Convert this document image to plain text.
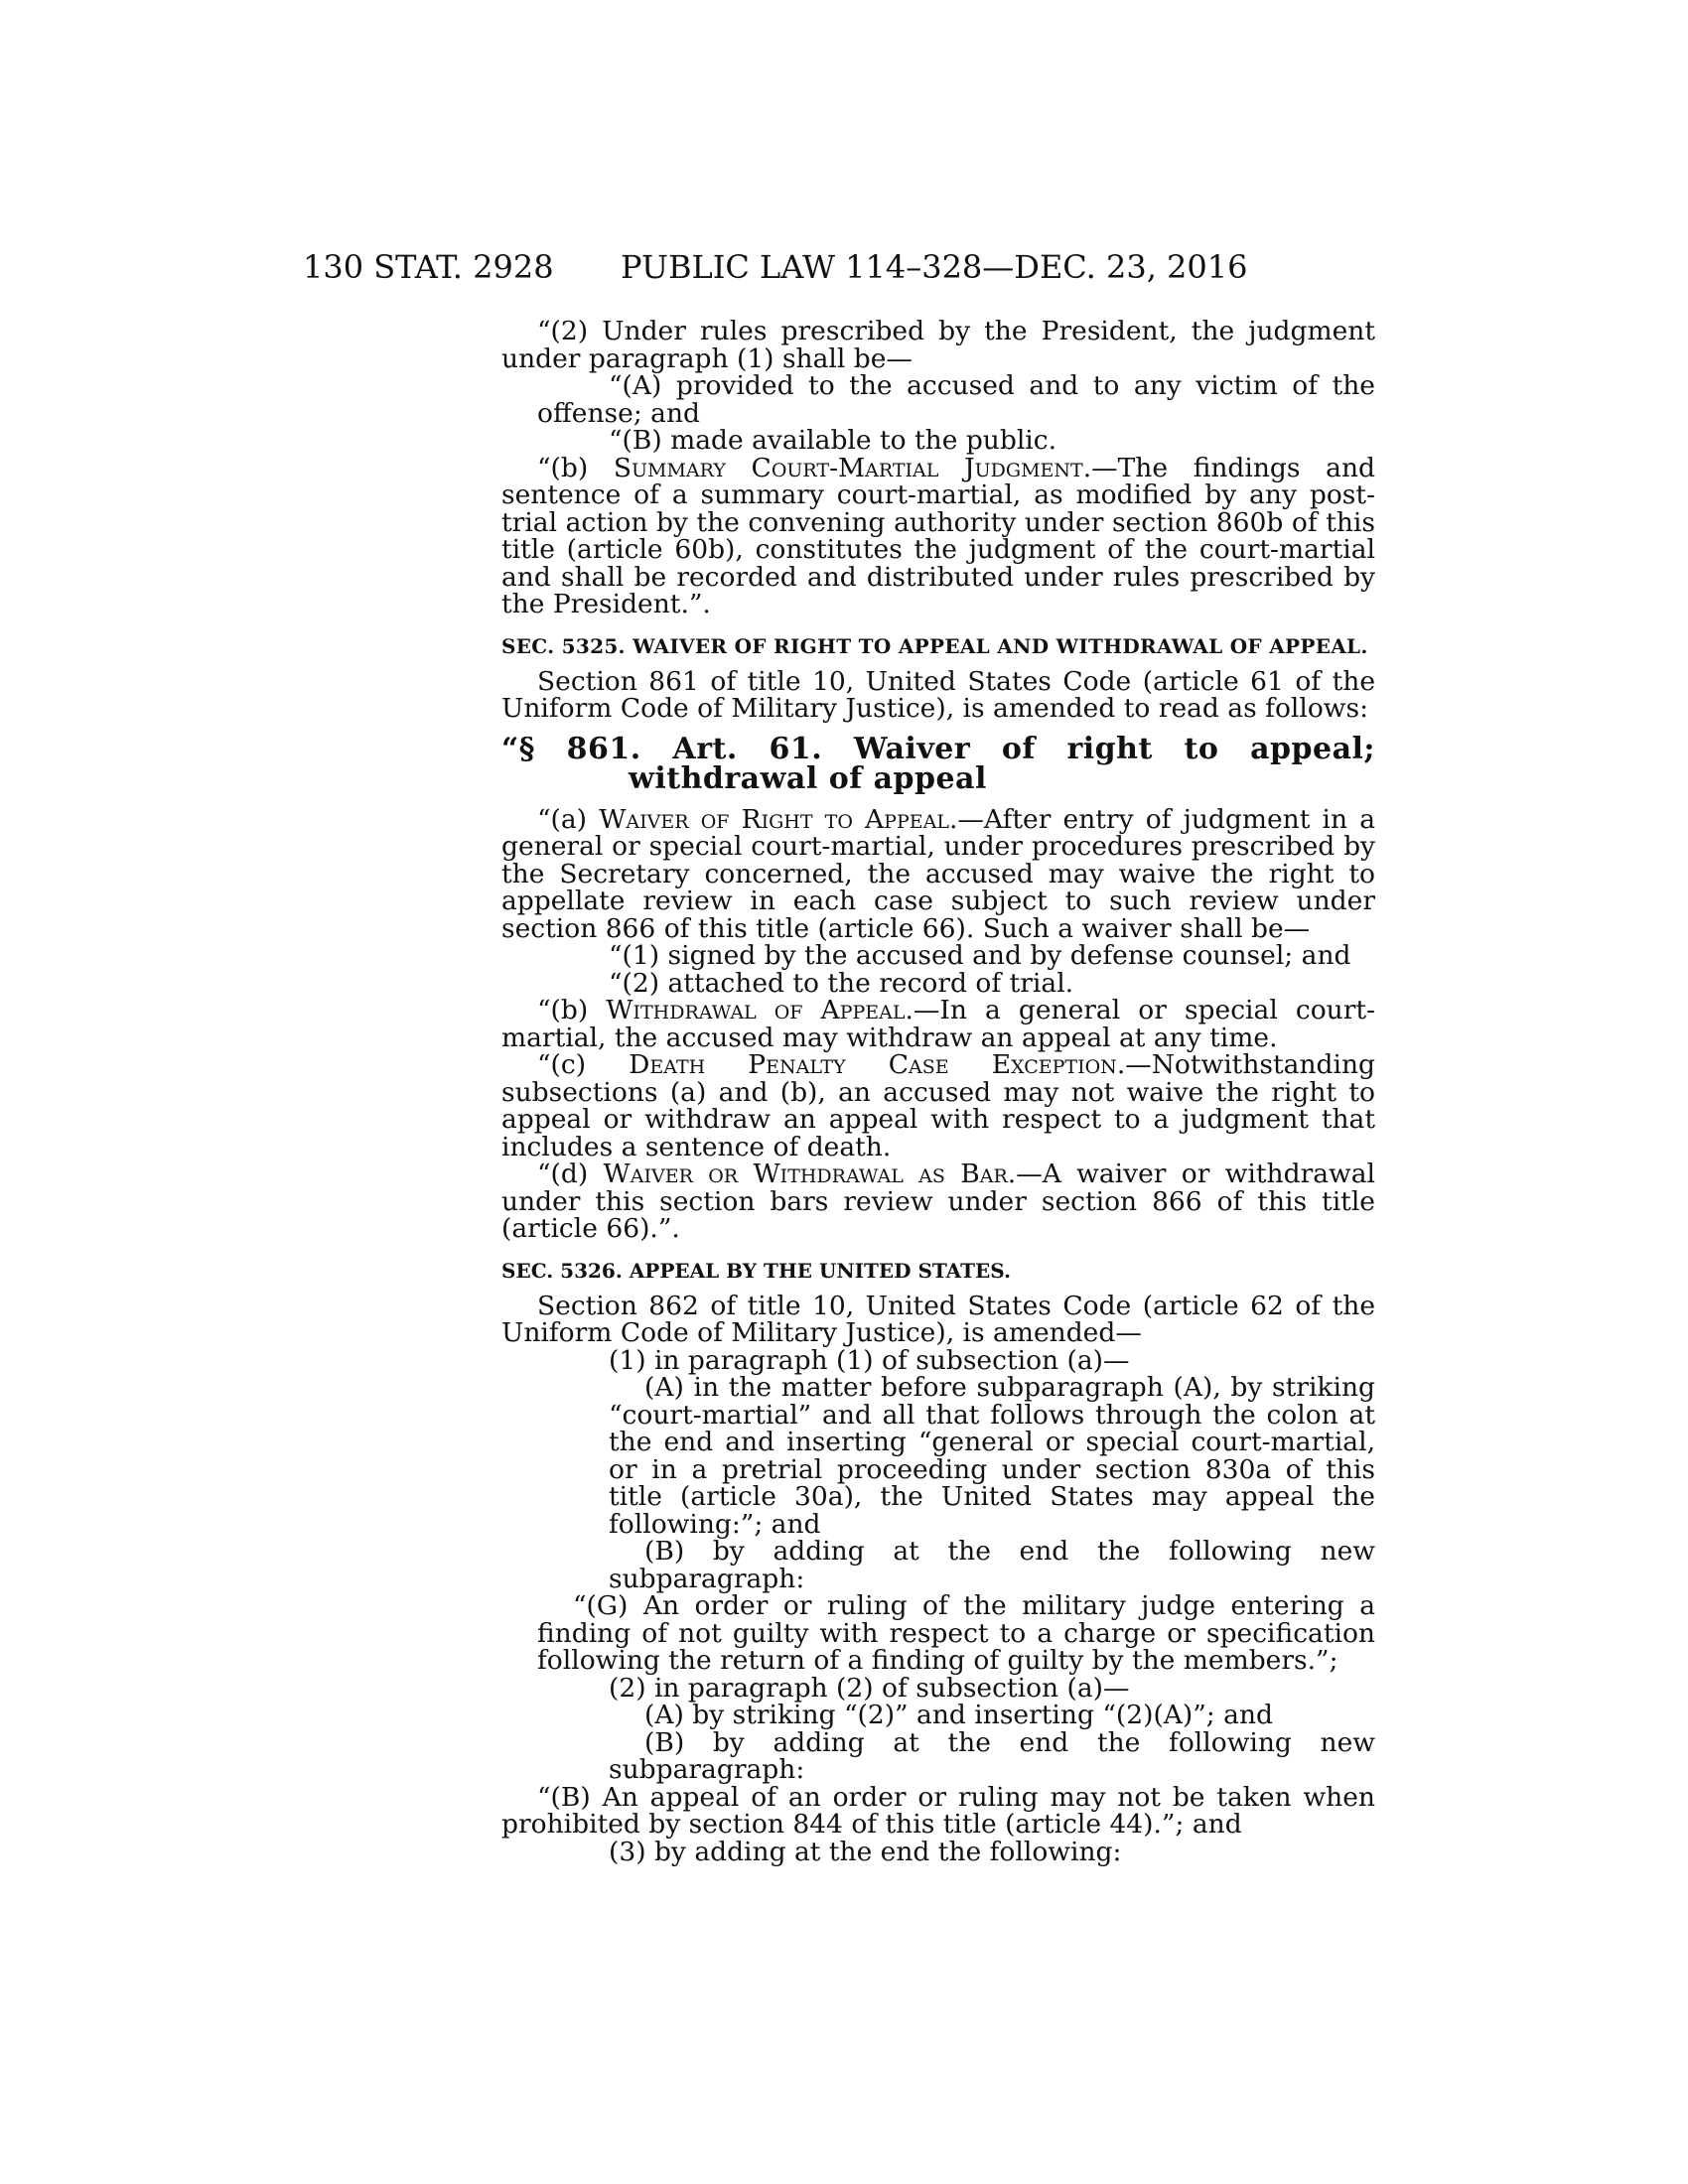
130 STAT. 2928 PUBLIC LAW 114–328—DEC. 23, 2016

“(2) Under rules prescribed by the President, the judgment under paragraph (1) shall be—

“(A) provided to the accused and to any victim of the offense; and

“(B) made available to the public.

“(b) Summary Court-Martial Judgment.—The findings and sentence of a summary court-martial, as modified by any post-trial action by the convening authority under section 860b of this title (article 60b), constitutes the judgment of the court-martial and shall be recorded and distributed under rules prescribed by the President.”.

SEC. 5325. WAIVER OF RIGHT TO APPEAL AND WITHDRAWAL OF APPEAL.

Section 861 of title 10, United States Code (article 61 of the Uniform Code of Military Justice), is amended to read as follows:

“§ 861. Art. 61. Waiver of right to appeal; withdrawal of appeal

“(a) Waiver of Right to Appeal.—After entry of judgment in a general or special court-martial, under procedures prescribed by the Secretary concerned, the accused may waive the right to appellate review in each case subject to such review under section 866 of this title (article 66). Such a waiver shall be—

“(1) signed by the accused and by defense counsel; and

“(2) attached to the record of trial.

“(b) Withdrawal of Appeal.—In a general or special court-martial, the accused may withdraw an appeal at any time.

“(c) Death Penalty Case Exception.—Notwithstanding subsections (a) and (b), an accused may not waive the right to appeal or withdraw an appeal with respect to a judgment that includes a sentence of death.

“(d) Waiver or Withdrawal as Bar.—A waiver or withdrawal under this section bars review under section 866 of this title (article 66).”.

SEC. 5326. APPEAL BY THE UNITED STATES.

Section 862 of title 10, United States Code (article 62 of the Uniform Code of Military Justice), is amended—

(1) in paragraph (1) of subsection (a)—

(A) in the matter before subparagraph (A), by striking “court-martial” and all that follows through the colon at the end and inserting “general or special court-martial, or in a pretrial proceeding under section 830a of this title (article 30a), the United States may appeal the following:”; and

(B) by adding at the end the following new subparagraph:

“(G) An order or ruling of the military judge entering a finding of not guilty with respect to a charge or specification following the return of a finding of guilty by the members.”;

(2) in paragraph (2) of subsection (a)—

(A) by striking “(2)” and inserting “(2)(A)”; and

(B) by adding at the end the following new subparagraph:

“(B) An appeal of an order or ruling may not be taken when prohibited by section 844 of this title (article 44).”; and

(3) by adding at the end the following:
